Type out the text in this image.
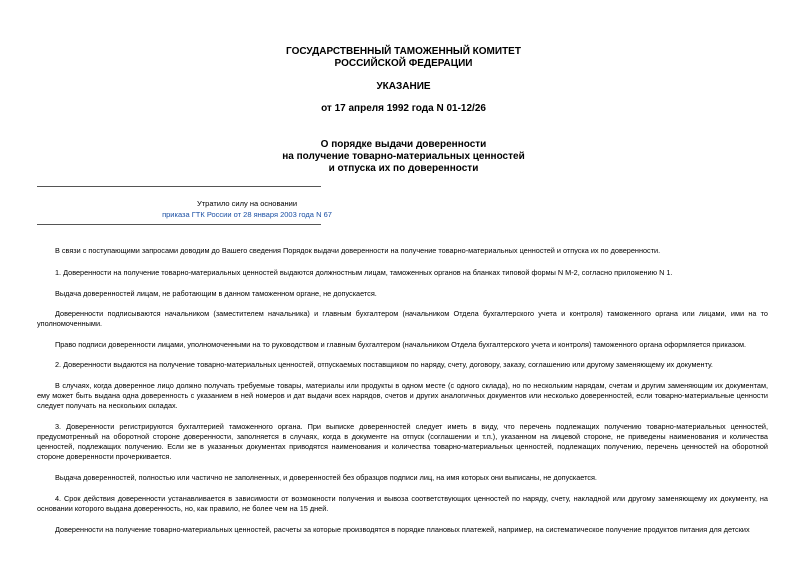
ГОСУДАРСТВЕННЫЙ ТАМОЖЕННЫЙ КОМИТЕТ
РОССИЙСКОЙ ФЕДЕРАЦИИ
УКАЗАНИЕ
от 17 апреля 1992 года N 01-12/26
О порядке выдачи доверенности
на получение товарно-материальных ценностей
и отпуска их по доверенности
Утратило силу на основании
приказа ГТК России от 28 января 2003 года N 67

В связи с поступающими запросами доводим до Вашего сведения Порядок выдачи доверенности на получение товарно-материальных ценностей и отпуска их по доверенности.

1. Доверенности на получение товарно-материальных ценностей выдаются должностным лицам, таможенных органов на бланках типовой формы N М-2, согласно приложению N 1.

Выдача доверенностей лицам, не работающим в данном таможенном органе, не допускается.

Доверенности подписываются начальником (заместителем начальника) и главным бухгалтером (начальником Отдела бухгалтерского учета и контроля) таможенного органа или лицами, ими на то уполномоченными.

Право подписи доверенности лицами, уполномоченными на то руководством и главным бухгалтером (начальником Отдела бухгалтерского учета и контроля) таможенного органа оформляется приказом.

2. Доверенности выдаются на получение товарно-материальных ценностей, отпускаемых поставщиком по наряду, счету, договору, заказу, соглашению или другому заменяющему их документу.

В случаях, когда доверенное лицо должно получать требуемые товары, материалы или продукты в одном месте (с одного склада), но по нескольким нарядам, счетам и другим заменяющим их документам, ему может быть выдана одна доверенность с указанием в ней номеров и дат выдачи всех нарядов, счетов и других аналогичных документов или несколько доверенностей, если товарно-материальные ценности следует получать на нескольких складах.

3. Доверенности регистрируются бухгалтерией таможенного органа. При выписке доверенностей следует иметь в виду, что перечень подлежащих получению товарно-материальных ценностей, предусмотренный на оборотной стороне доверенности, заполняется в случаях, когда в документе на отпуск (соглашении и т.п.), указанном на лицевой стороне, не приведены наименования и количества ценностей, подлежащих получению. Если же в указанных документах приводятся наименования и количества товарно-материальных ценностей, подлежащих получению, перечень ценностей на оборотной стороне доверенности прочеркивается.

Выдача доверенностей, полностью или частично не заполненных, и доверенностей без образцов подписи лиц, на имя которых они выписаны, не допускается.

4. Срок действия доверенности устанавливается в зависимости от возможности получения и вывоза соответствующих ценностей по наряду, счету, накладной или другому заменяющему их документу, на основании которого выдана доверенность, но, как правило, не более чем на 15 дней.

Доверенности на получение товарно-материальных ценностей, расчеты за которые производятся в порядке плановых платежей, например, на систематическое получение продуктов питания для детских
